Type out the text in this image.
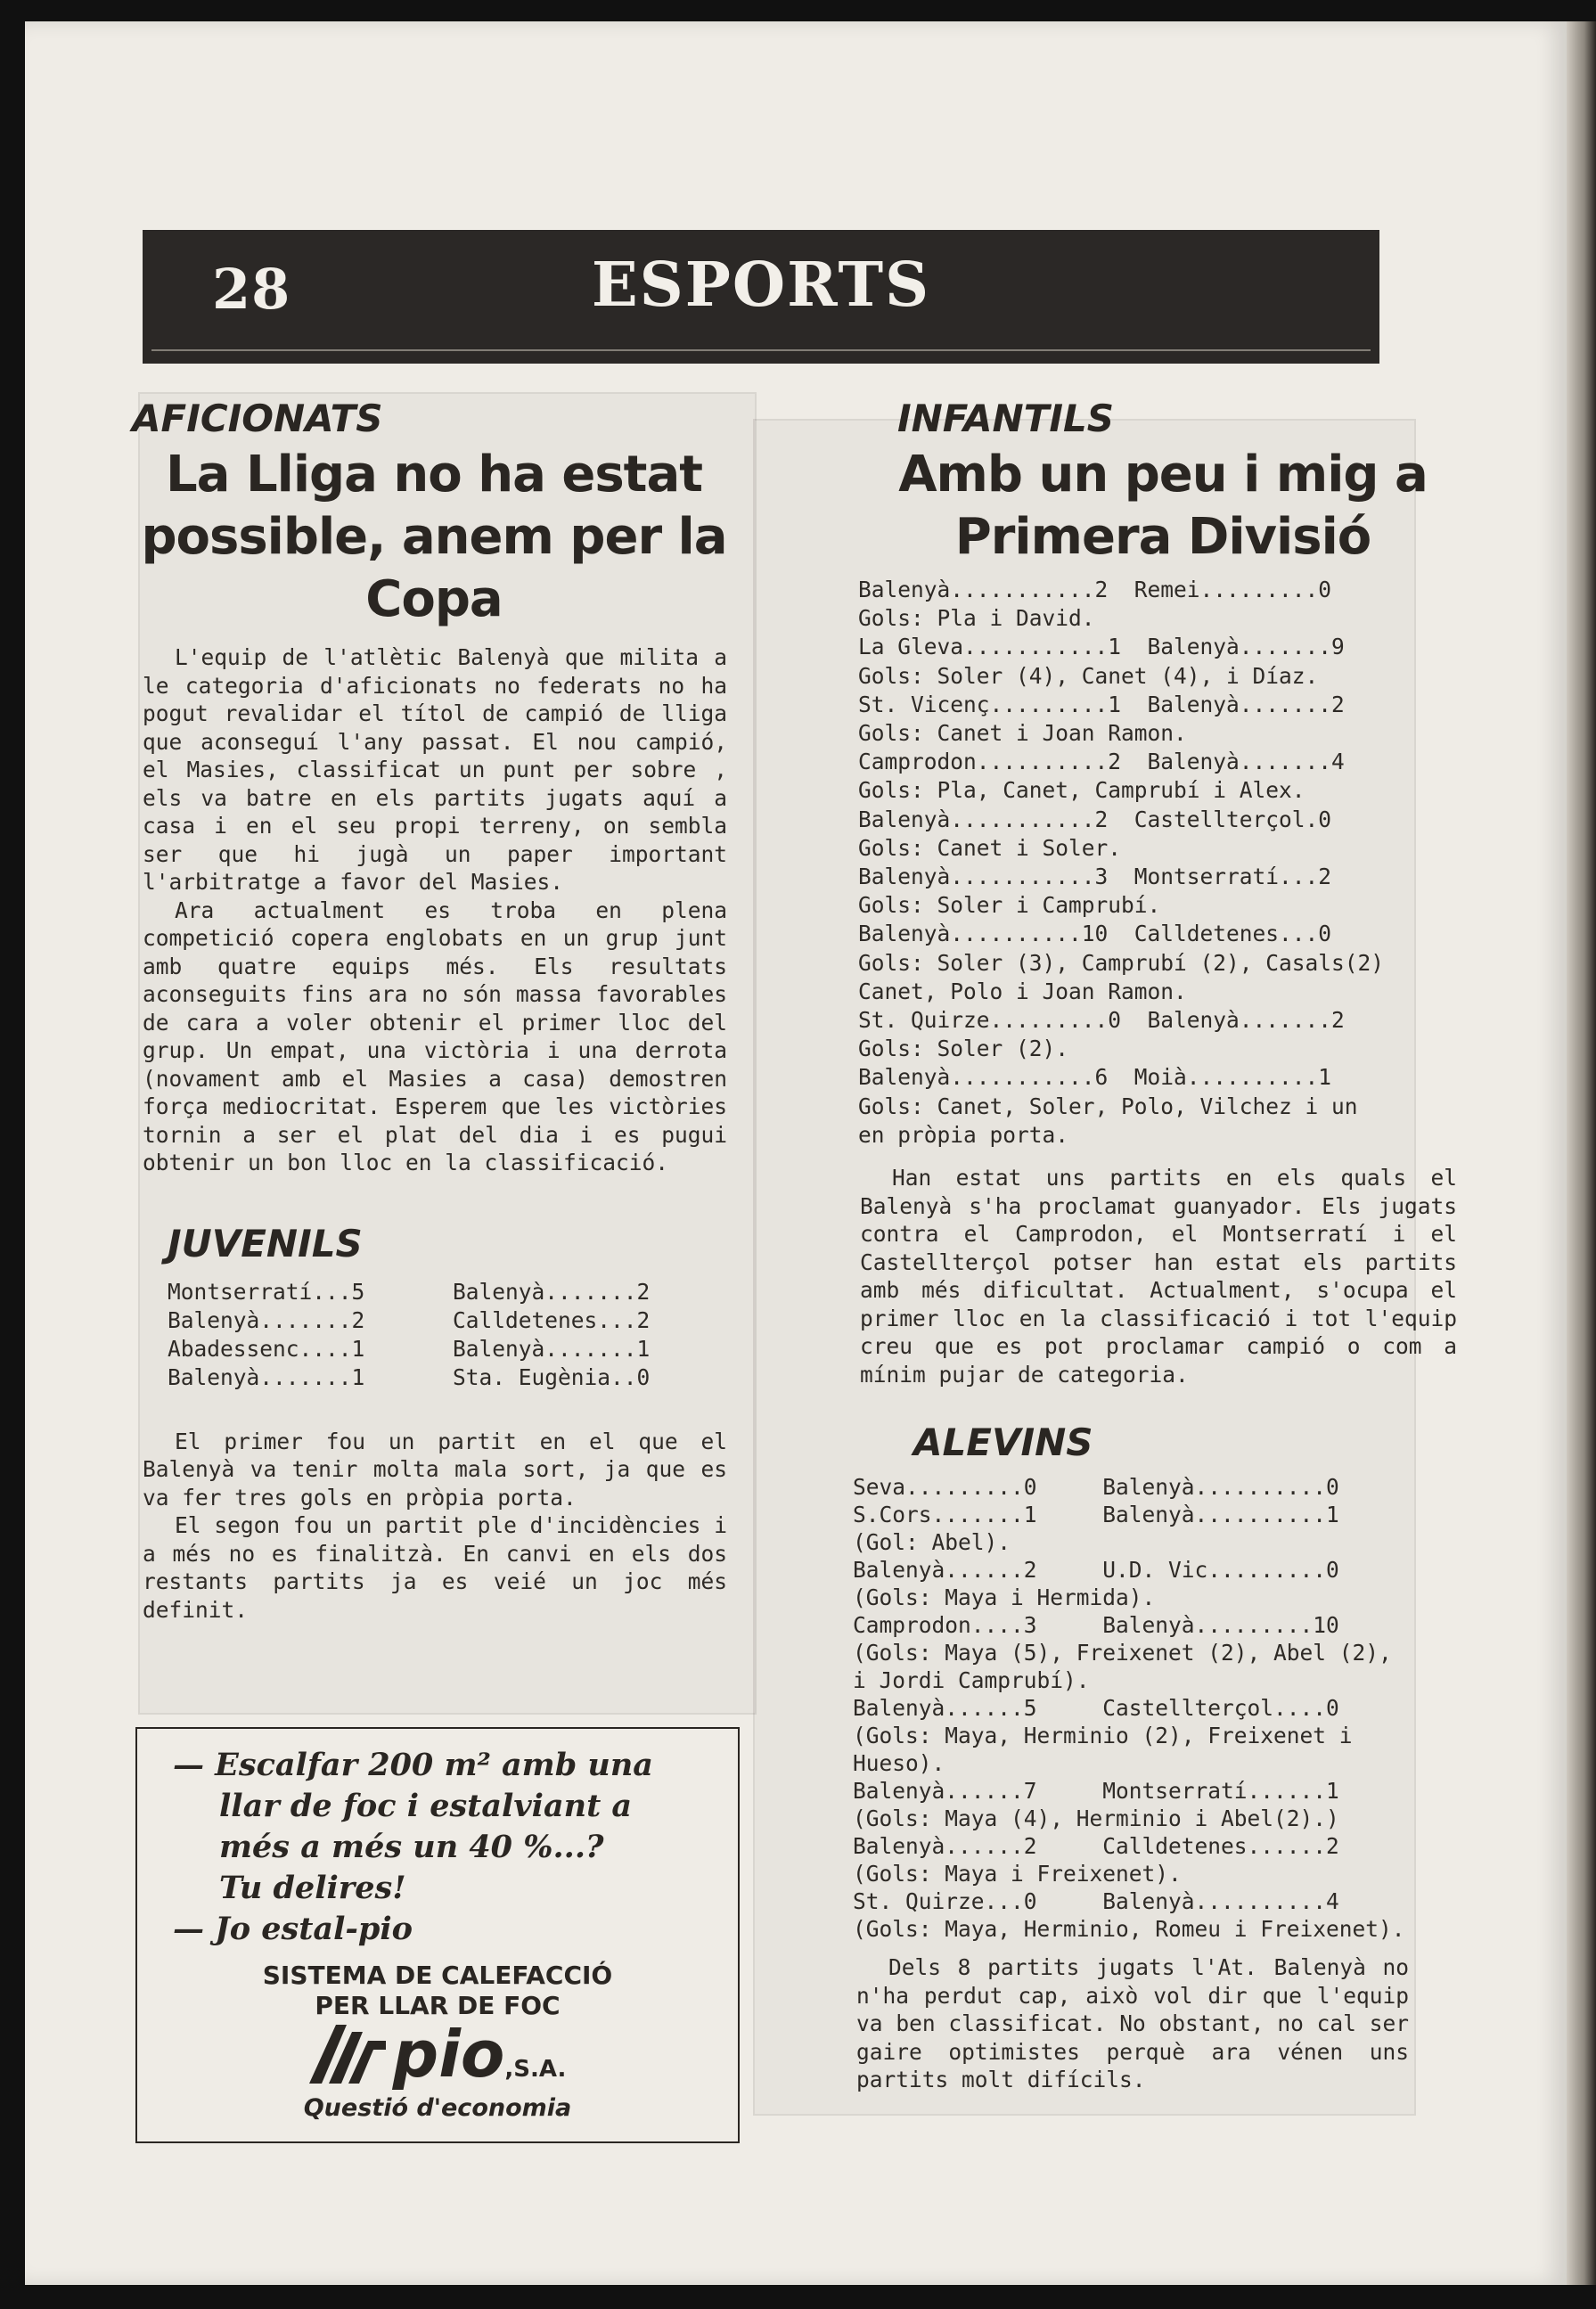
28	ESPORTS
AFICIONATS
La Lliga no ha estat possible, anem per la Copa

L'equip de l'atlètic Balenyà que milita a le categoria d'aficionats no federats no ha pogut revalidar el títol de campió de lliga que aconseguí l'any passat. El nou campió, el Masies, classificat un punt per sobre , els va batre en els partits jugats aquí a casa i en el seu propi terreny, on sembla ser que hi jugà un paper important l'arbitratge a favor del Masies.

Ara actualment es troba en plena competició copera englobats en un grup junt amb quatre equips més. Els resultats aconseguits fins ara no són massa favorables de cara a voler obtenir el primer lloc del grup. Un empat, una victòria i una derrota (novament amb el Masies a casa) demostren força mediocritat. Esperem que les victòries tornin a ser el plat del dia i es pugui obtenir un bon lloc en la classificació.

JUVENILS
Montserratí...5	Balenyà.......2
Balenyà.......2	Calldetenes...2
Abadessenc....1	Balenyà.......1
Balenyà.......1	Sta. Eugènia..0

El primer fou un partit en el que el Balenyà va tenir molta mala sort, ja que es va fer tres gols en pròpia porta.

El segon fou un partit ple d'incidències i a més no es finalitzà. En canvi en els dos restants partits ja es veié un joc més definit.

— Escalfar 200 m² amb una
llar de foc i estalviant a
més a més un 40 %...?
Tu delires!
— Jo estal-pio
SISTEMA DE CALEFACCIÓ
PER LLAR DE FOC
pio,S.A.
Questió d'economia
INFANTILS
Amb un peu i mig a
Primera Divisió
Balenyà...........2  Remei.........0
Gols: Pla i David.
La Gleva...........1  Balenyà.......9
Gols: Soler (4), Canet (4), i Díaz.
St. Vicenç.........1  Balenyà.......2
Gols: Canet i Joan Ramon.
Camprodon..........2  Balenyà.......4
Gols: Pla, Canet, Camprubí i Alex.
Balenyà...........2  Castellterçol.0
Gols: Canet i Soler.
Balenyà...........3  Montserratí...2
Gols: Soler i Camprubí.
Balenyà..........10  Calldetenes...0
Gols: Soler (3), Camprubí (2), Casals(2)
Canet, Polo i Joan Ramon.
St. Quirze.........0  Balenyà.......2
Gols: Soler (2).
Balenyà...........6  Moià..........1
Gols: Canet, Soler, Polo, Vilchez i un
en pròpia porta.

Han estat uns partits en els quals el Balenyà s'ha proclamat guanyador. Els jugats contra el Camprodon, el Montserratí i el Castellterçol potser han estat els partits amb més dificultat. Actualment, s'ocupa el primer lloc en la classificació i tot l'equip creu que es pot proclamar campió o com a mínim pujar de categoria.

ALEVINS
Seva.........0     Balenyà..........0
S.Cors.......1     Balenyà..........1
(Gol: Abel).
Balenyà......2     U.D. Vic.........0
(Gols: Maya i Hermida).
Camprodon....3     Balenyà.........10
(Gols: Maya (5), Freixenet (2), Abel (2),
i Jordi Camprubí).
Balenyà......5     Castellterçol....0
(Gols: Maya, Herminio (2), Freixenet i
Hueso).
Balenyà......7     Montserratí......1
(Gols: Maya (4), Herminio i Abel(2).)
Balenyà......2     Calldetenes......2
(Gols: Maya i Freixenet).
St. Quirze...0     Balenyà..........4
(Gols: Maya, Herminio, Romeu i Freixenet).

Dels 8 partits jugats l'At. Balenyà no n'ha perdut cap, això vol dir que l'equip va ben classificat. No obstant, no cal ser gaire optimistes perquè ara vénen uns partits molt difícils.
